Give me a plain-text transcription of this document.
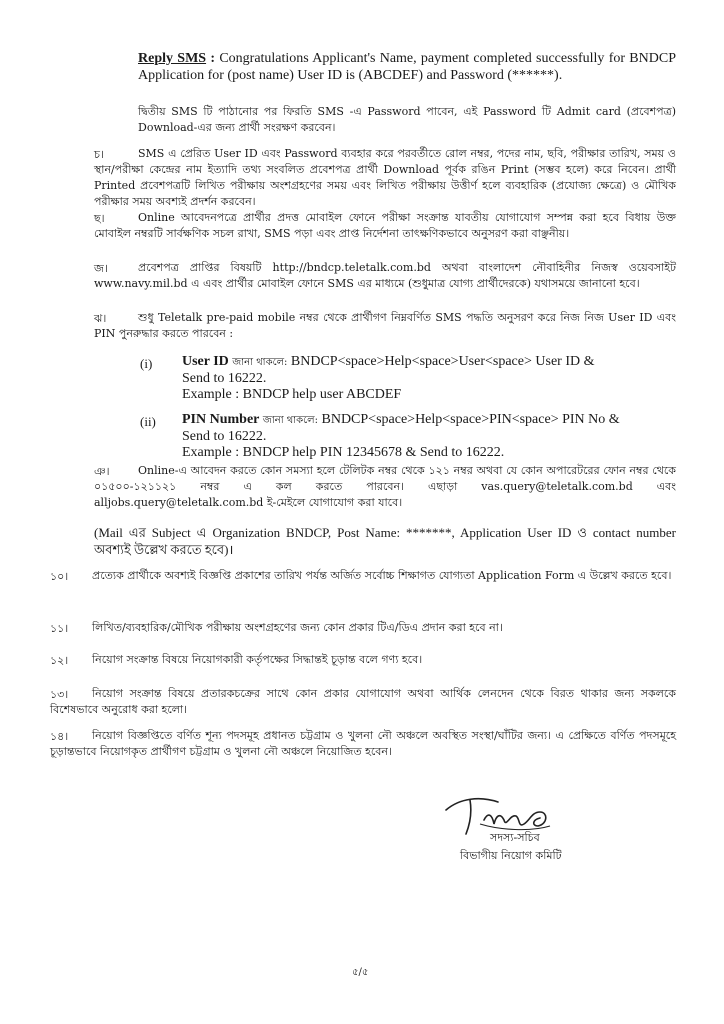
Reply SMS : Congratulations Applicant's Name, payment completed successfully for BNDCP Application for (post name) User ID is (ABCDEF) and Password (******).
দ্বিতীয় SMS টি পাঠানোর পর ফিরতি SMS -এ Password পাবেন, এই Password টি Admit card (প্রবেশপত্র) Download-এর জন্য প্রার্থী সংরক্ষণ করবেন।
চ।	SMS এ প্রেরিত User ID এবং Password ব্যবহার করে পরবর্তীতে রোল নম্বর, পদের নাম, ছবি, পরীক্ষার তারিখ, সময় ও স্থান/পরীক্ষা কেন্দ্রের নাম ইত্যাদি তথ্য সংবলিত প্রবেশপত্র প্রার্থী Download পূর্বক রঙিন Print (সম্ভব হলে) করে নিবেন। প্রার্থী Printed প্রবেশপত্রটি লিখিত পরীক্ষায় অংশগ্রহণের সময় এবং লিখিত পরীক্ষায় উত্তীর্ণ হলে ব্যবহারিক (প্রযোজ্য ক্ষেত্রে) ও মৌখিক পরীক্ষার সময় অবশ্যই প্রদর্শন করবেন।
ছ।	Online আবেদনপত্রে প্রার্থীর প্রদত্ত মোবাইল ফোনে পরীক্ষা সংক্রান্ত যাবতীয় যোগাযোগ সম্পন্ন করা হবে বিধায় উক্ত মোবাইল নম্বরটি সার্বক্ষণিক সচল রাখা, SMS পড়া এবং প্রাপ্ত নির্দেশনা তাৎক্ষণিকভাবে অনুসরণ করা বাঞ্ছনীয়।
জ।	প্রবেশপত্র প্রাপ্তির বিষয়টি http://bndcp.teletalk.com.bd অথবা বাংলাদেশ নৌবাহিনীর নিজস্ব ওয়েবসাইট www.navy.mil.bd এ এবং প্রার্থীর মোবাইল ফোনে SMS এর মাধ্যমে (শুধুমাত্র যোগ্য প্রার্থীদেরকে) যথাসময়ে জানানো হবে।
ঝ।	শুধু Teletalk pre-paid mobile নম্বর থেকে প্রার্থীগণ নিম্নবর্ণিত SMS পদ্ধতি অনুসরণ করে নিজ নিজ User ID এবং PIN পুনরুদ্ধার করতে পারবেন :
(i) User ID জানা থাকলে: BNDCP<space>Help<space>User<space> User ID &
Send to 16222.
Example : BNDCP help user ABCDEF
(ii) PIN Number জানা থাকলে: BNDCP<space>Help<space>PIN<space> PIN No &
Send to 16222.
Example : BNDCP help PIN 12345678 & Send to 16222.
ঞ।	Online-এ আবেদন করতে কোন সমস্যা হলে টেলিটক নম্বর থেকে ১২১ নম্বর অথবা যে কোন অপারেটরের ফোন নম্বর থেকে ০১৫০০-১২১১২১ নম্বর এ কল করতে পারবেন। এছাড়া vas.query@teletalk.com.bd এবং alljobs.query@teletalk.com.bd ই-মেইলে যোগাযোগ করা যাবে।
(Mail এর Subject এ Organization BNDCP, Post Name: *******, Application User ID ও contact number অবশ্যই উল্লেখ করতে হবে)।
১০।	প্রত্যেক প্রার্থীকে অবশ্যই বিজ্ঞপ্তি প্রকাশের তারিখ পর্যন্ত অর্জিত সর্বোচ্চ শিক্ষাগত যোগ্যতা Application Form এ উল্লেখ করতে হবে।
১১।	লিখিত/ব্যবহারিক/মৌখিক পরীক্ষায় অংশগ্রহণের জন্য কোন প্রকার টিএ/ডিএ প্রদান করা হবে না।
১২।	নিয়োগ সংক্রান্ত বিষয়ে নিয়োগকারী কর্তৃপক্ষের সিদ্ধান্তই চূড়ান্ত বলে গণ্য হবে।
১৩।	নিয়োগ সংক্রান্ত বিষয়ে প্রতারকচক্রের সাথে কোন প্রকার যোগাযোগ অথবা আর্থিক লেনদেন থেকে বিরত থাকার জন্য সকলকে বিশেষভাবে অনুরোধ করা হলো।
১৪।	নিয়োগ বিজ্ঞপ্তিতে বর্ণিত শূন্য পদসমূহ প্রধানত চট্টগ্রাম ও খুলনা নৌ অঞ্চলে অবস্থিত সংস্থা/ঘাঁটির জন্য। এ প্রেক্ষিতে বর্ণিত পদসমূহে চূড়ান্তভাবে নিয়োগকৃত প্রার্থীগণ চট্টগ্রাম ও খুলনা নৌ অঞ্চলে নিয়োজিত হবেন।
সদস্য-সচিব
বিভাগীয় নিয়োগ কমিটি
৫/৫
